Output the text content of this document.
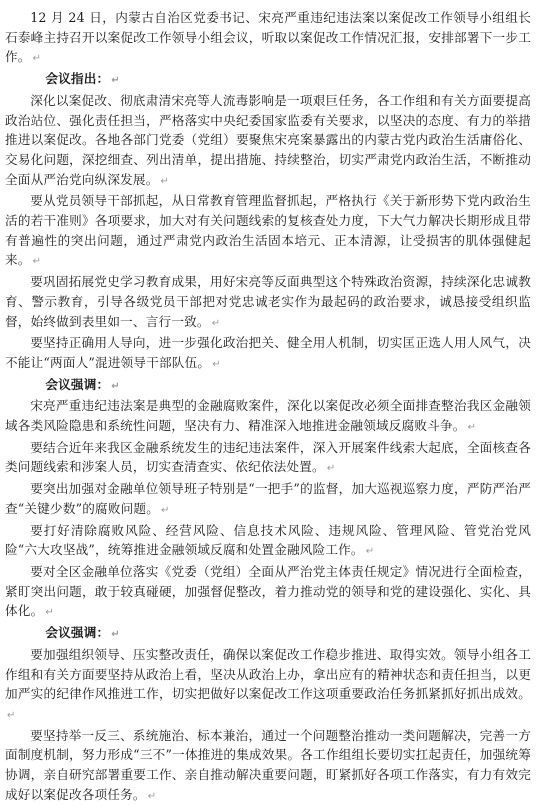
12 月 24 日，内蒙古自治区党委书记、宋亮严重违纪违法案以案促改工作领导小组组长石泰峰主持召开以案促改工作领导小组会议，听取以案促改工作情况汇报，安排部署下一步工作。 ↵

会议指出： ↵

深化以案促改、彻底肃清宋亮等人流毒影响是一项艰巨任务，各工作组和有关方面要提高政治站位、强化责任担当，严格落实中央纪委国家监委有关要求，以坚决的态度、有力的举措推进以案促改。各地各部门党委（党组）要聚焦宋亮案暴露出的内蒙古党内政治生活庸俗化、交易化问题，深挖细查、列出清单，提出措施、持续整治，切实严肃党内政治生活，不断推动全面从严治党向纵深发展。 ↵

要从党员领导干部抓起，从日常教育管理监督抓起，严格执行《关于新形势下党内政治生活的若干准则》各项要求，加大对有关问题线索的复核查处力度，下大气力解决长期形成且带有普遍性的突出问题，通过严肃党内政治生活固本培元、正本清源，让受损害的肌体强健起来。 ↵

要巩固拓展党史学习教育成果，用好宋亮等反面典型这个特殊政治资源，持续深化忠诚教育、警示教育，引导各级党员干部把对党忠诚老实作为最起码的政治要求，诚恳接受组织监督，始终做到表里如一、言行一致。 ↵

要坚持正确用人导向，进一步强化政治把关、健全用人机制，切实匡正选人用人风气，决不能让“两面人”混进领导干部队伍。 ↵

会议强调： ↵

宋亮严重违纪违法案是典型的金融腐败案件，深化以案促改必须全面排查整治我区金融领域各类风险隐患和系统性问题，坚决有力、精准深入地推进金融领域反腐败斗争。 ↵

要结合近年来我区金融系统发生的违纪违法案件，深入开展案件线索大起底，全面核查各类问题线索和涉案人员，切实查清查实、依纪依法处置。 ↵

要突出加强对金融单位领导班子特别是“一把手”的监督，加大巡视巡察力度，严防严治严查“关键少数”的腐败问题。 ↵

要打好清除腐败风险、经营风险、信息技术风险、违规风险、管理风险、管党治党风险“六大攻坚战”，统筹推进金融领域反腐和处置金融风险工作。 ↵

要对全区金融单位落实《党委（党组）全面从严治党主体责任规定》情况进行全面检查，紧盯突出问题，敢于较真碰硬，加强督促整改，着力推动党的领导和党的建设强化、实化、具体化。 ↵

会议强调： ↵

要加强组织领导、压实整改责任，确保以案促改工作稳步推进、取得实效。领导小组各工作组和有关方面要坚持从政治上看，坚决从政治上办，拿出应有的精神状态和责任担当，以更加严实的纪律作风推进工作，切实把做好以案促改工作这项重要政治任务抓紧抓好抓出成效。↵

要坚持举一反三、系统施治、标本兼治，通过一个问题整治推动一类问题解决，完善一方面制度机制，努力形成“三不”一体推进的集成效果。各工作组组长要切实扛起责任，加强统筹协调，亲自研究部署重要工作、亲自推动解决重要问题，盯紧抓好各项工作落实，有力有效完成好以案促改各项任务。 ↵
